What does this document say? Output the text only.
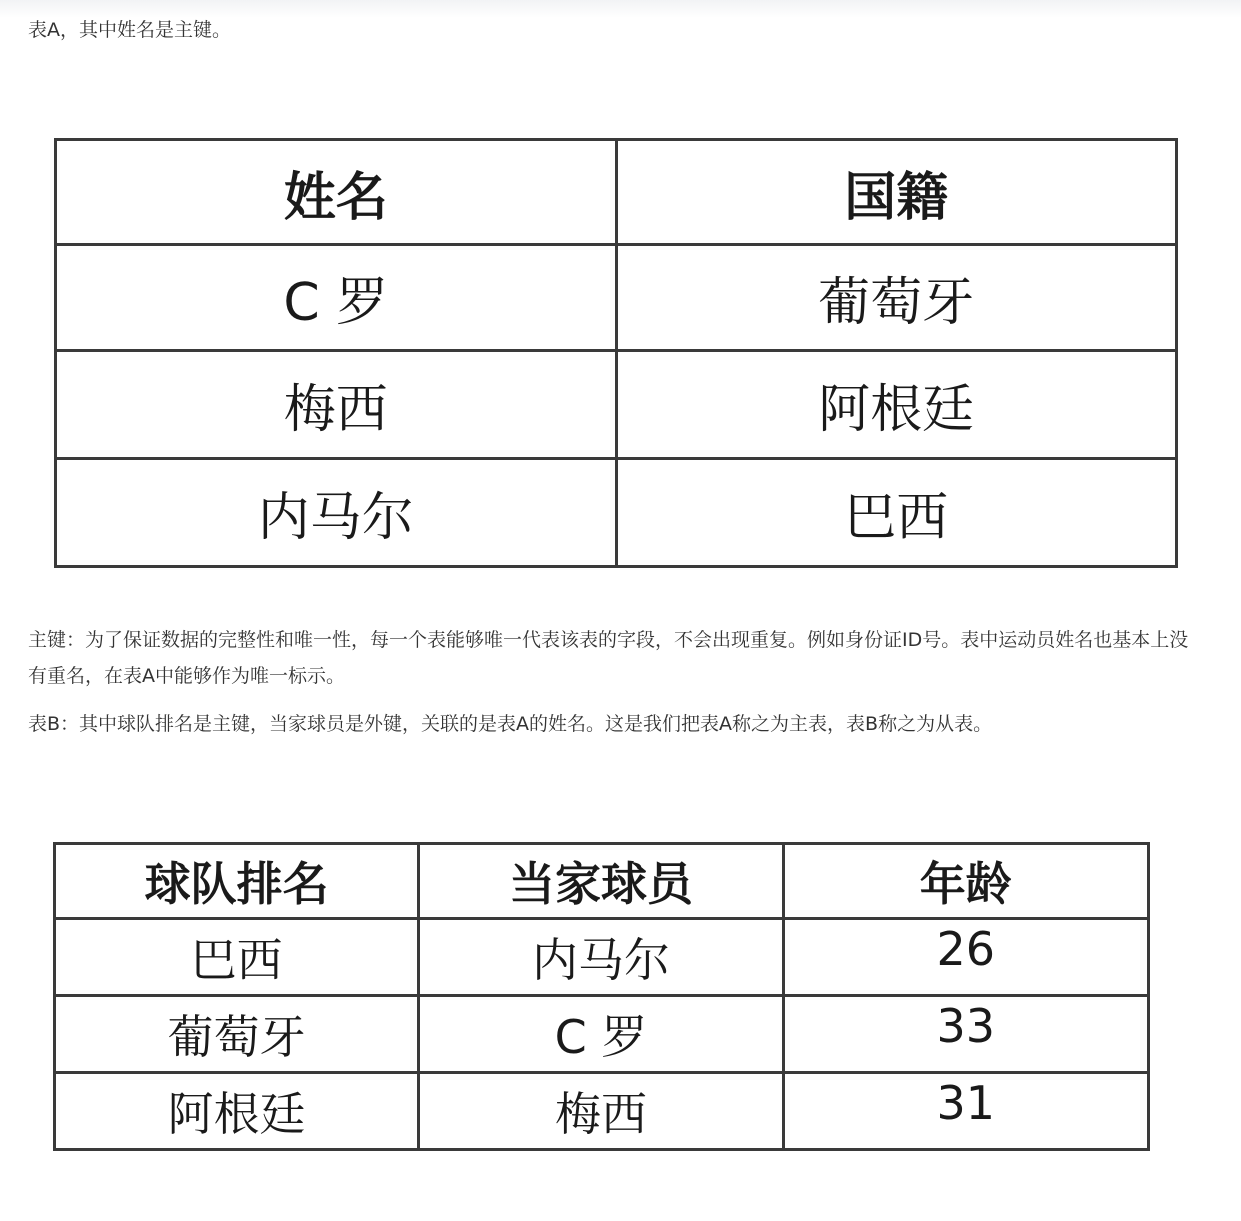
表A，其中姓名是主键。

姓名	国籍
C 罗	葡萄牙
梅西	阿根廷
内马尔	巴西

主键：为了保证数据的完整性和唯一性，每一个表能够唯一代表该表的字段，不会出现重复。例如身份证ID号。表中运动员姓名也基本上没有重名，在表A中能够作为唯一标示。

表B：其中球队排名是主键，当家球员是外键，关联的是表A的姓名。这是我们把表A称之为主表，表B称之为从表。

球队排名	当家球员	年龄
巴西	内马尔	26
葡萄牙	C 罗	33
阿根廷	梅西	31
